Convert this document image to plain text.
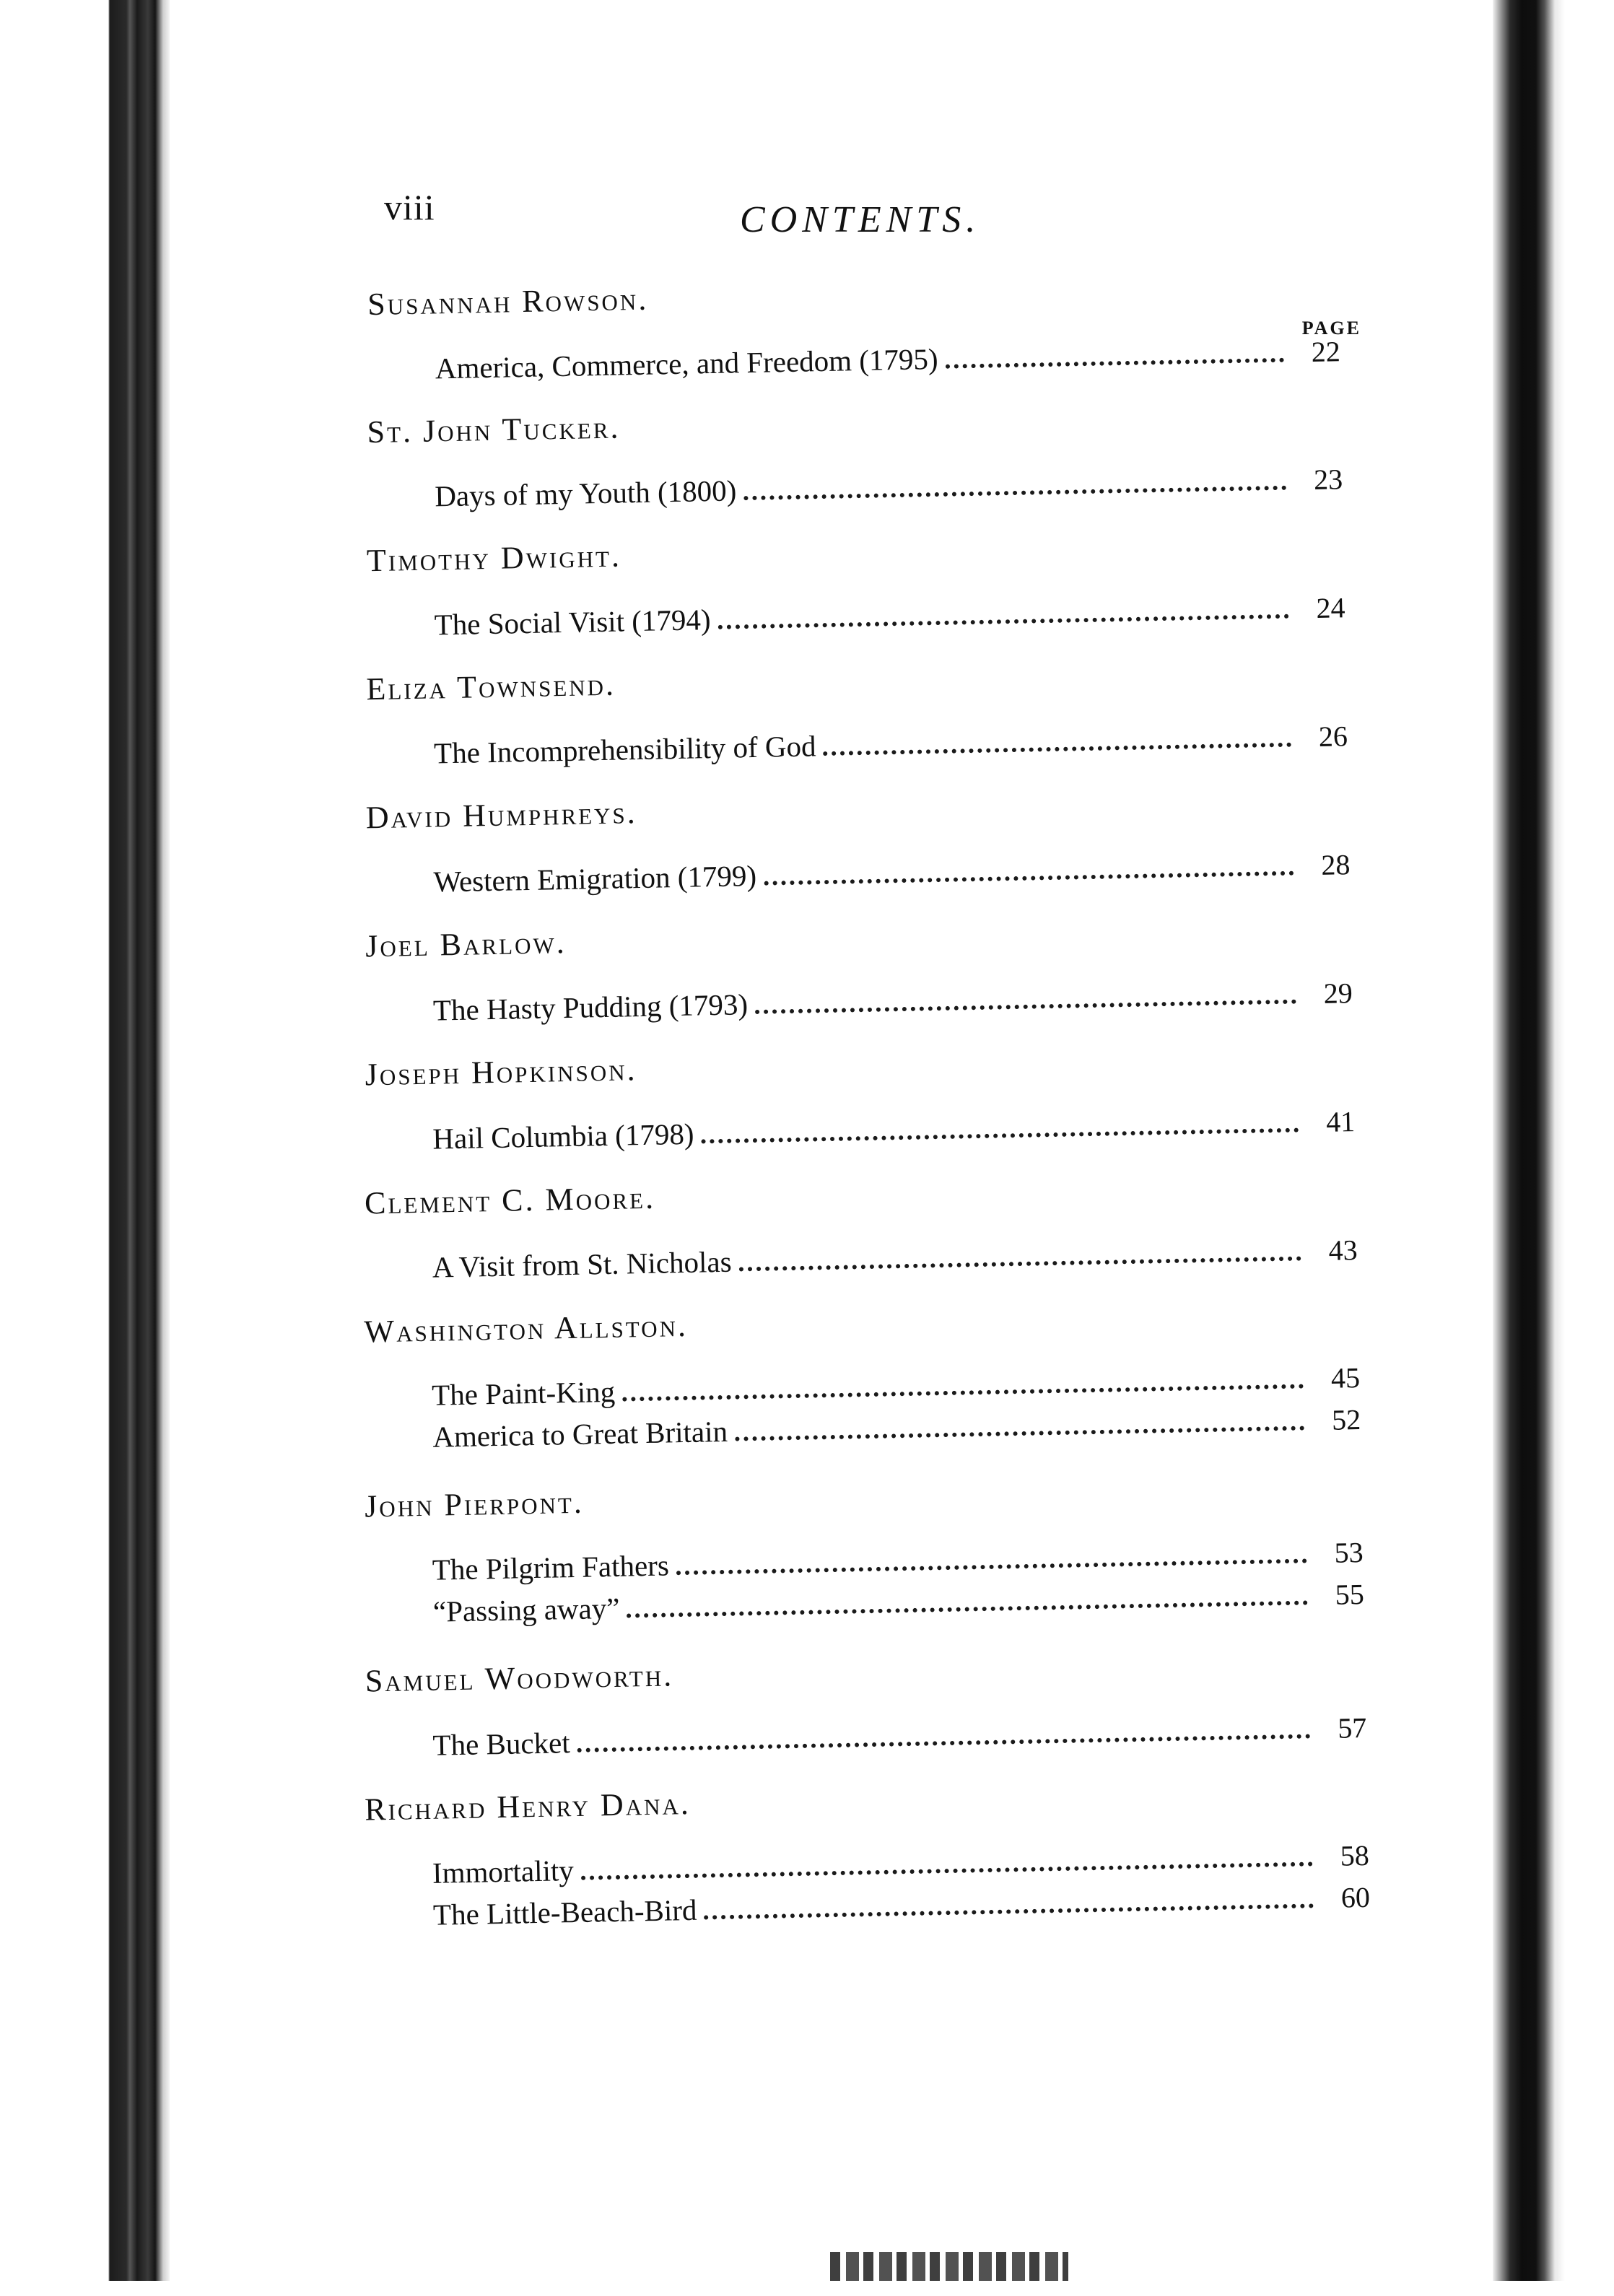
viii	CONTENTS.
PAGE
Susannah Rowson.
America, Commerce, and Freedom (1795)	22
St. John Tucker.
Days of my Youth (1800)	23
Timothy Dwight.
The Social Visit (1794)	24
Eliza Townsend.
The Incomprehensibility of God	26
David Humphreys.
Western Emigration (1799)	28
Joel Barlow.
The Hasty Pudding (1793)	29
Joseph Hopkinson.
Hail Columbia (1798)	41
Clement C. Moore.
A Visit from St. Nicholas	43
Washington Allston.
The Paint-King	45
America to Great Britain	52
John Pierpont.
The Pilgrim Fathers	53
“Passing away”	55
Samuel Woodworth.
The Bucket	57
Richard Henry Dana.
Immortality	58
The Little-Beach-Bird	60
